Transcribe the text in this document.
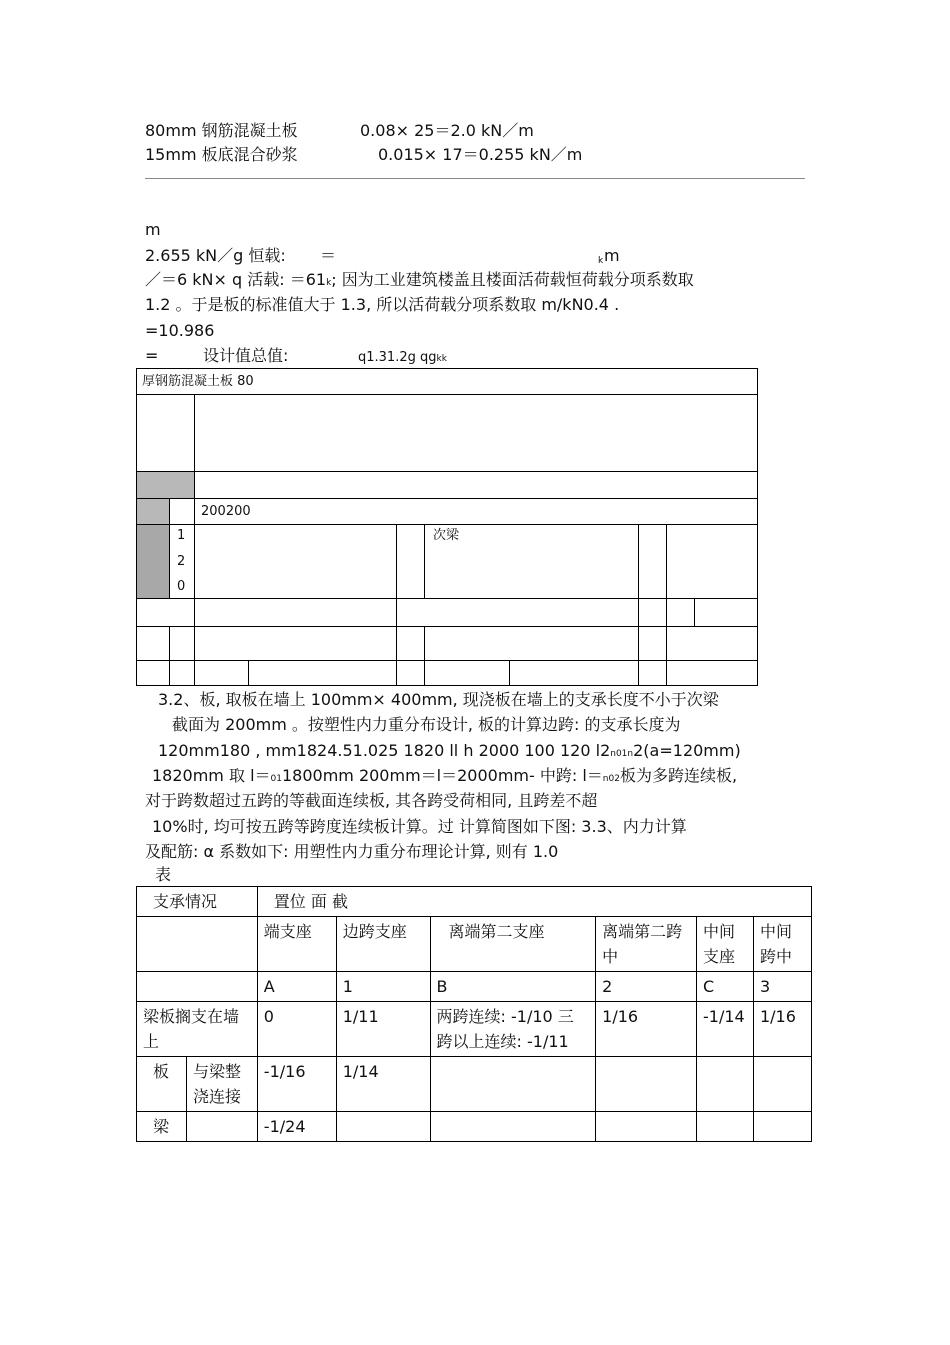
80mm 钢筋混凝土板	0.08× 25＝2.0 kN／m
15mm 板底混合砂浆	0.015× 17＝0.255 kN／m
m
2.655 kN／g 恒载: ＝	k m
／＝6 kN× q 活载: ＝61k; 因为工业建筑楼盖且楼面活荷载恒荷载分项系数取
1.2 。于是板的标准值大于 1.3, 所以活荷载分项系数取 m/kN0.4 .
=10.986
=	设计值总值:	q1.31.2g qgkk
厚钢筋混凝土板 80
200200
1
2
0
次梁
3.2、板, 取板在墙上 100mm× 400mm, 现浇板在墙上的支承长度不小于次梁
截面为 200mm 。按塑性内力重分布设计, 板的计算边跨: 的支承长度为
120mm180 , mm1824.51.025 1820 ll h 2000 100 120 l2n01n2(a=120mm)
1820mm 取 l＝011800mm 200mm＝l＝2000mm- 中跨: l＝n02板为多跨连续板,
对于跨数超过五跨的等截面连续板, 其各跨受荷相同, 且跨差不超
10%时, 均可按五跨等跨度连续板计算。过 计算简图如下图: 3.3、内力计算
及配筋: α 系数如下: 用塑性内力重分布理论计算, 则有 1.0
表
支承情况		置位 面 截					
		端支座	边跨支座	离端第二支座	离端第二跨中	中间支座	中间跨中
		A	1	B	2	C	3
梁板搁支在墙上		0	1/11	两跨连续: -1/10 三跨以上连续: -1/11	1/16	-1/14	1/16
板	与梁整浇连接	-1/16	1/14				
梁		-1/24					
